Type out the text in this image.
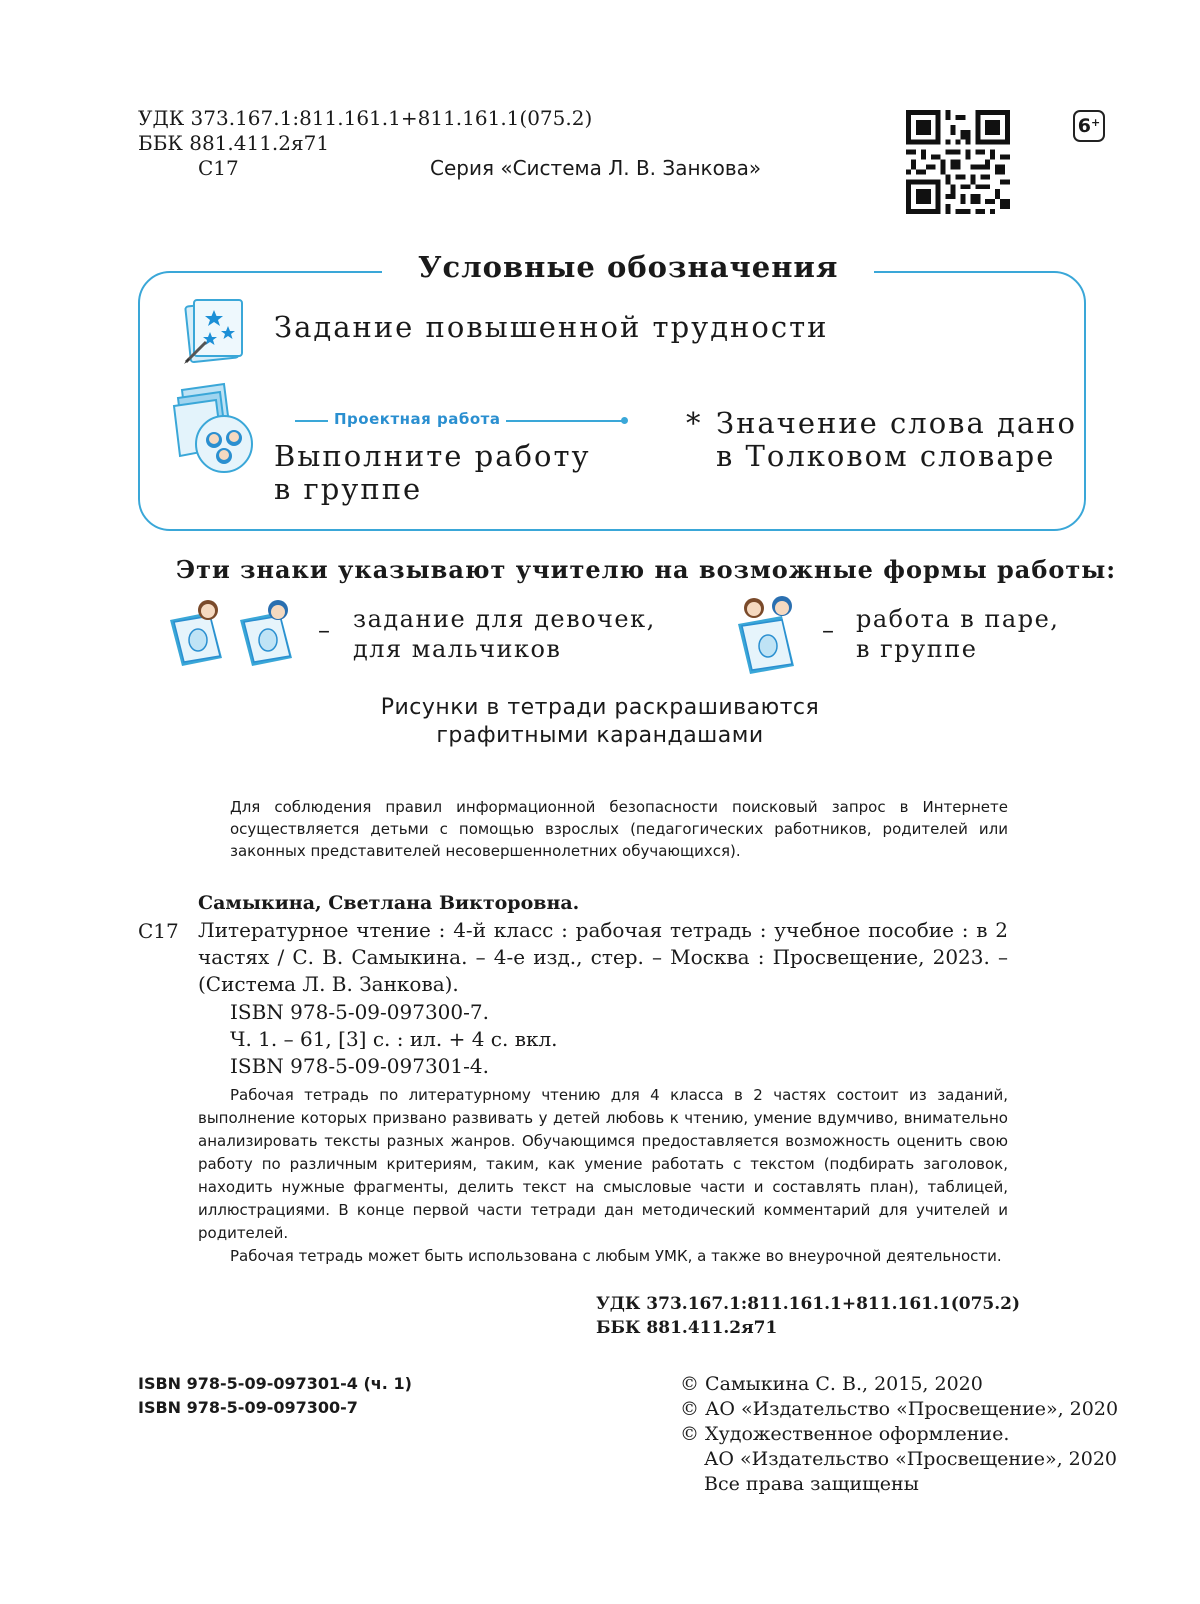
УДК 373.167.1:811.161.1+811.161.1(075.2)
ББК 881.411.2я71
С17	Серия «Система Л. В. Занкова»
6+
Условные обозначения
Задание повышенной трудности
Проектная работа
Выполните работу
в группе
* Значение слова дано
в Толковом словаре
Эти знаки указывают учителю на возможные формы работы:
– задание для девочек,
для мальчиков
– работа в паре,
в группе
Рисунки в тетради раскрашиваются
графитными карандашами
Для соблюдения правил информационной безопасности поисковый запрос в Интернете осуществляется детьми с помощью взрослых (педагогических работников, родителей или законных представителей несовершеннолетних обучающихся).
Самыкина, Светлана Викторовна.
С17 Литературное чтение : 4-й класс : рабочая тетрадь : учебное пособие : в 2 частях / С. В. Самыкина. – 4-е изд., стер. – Москва : Просвещение, 2023. – (Система Л. В. Занкова).
ISBN 978-5-09-097300-7.
Ч. 1. – 61, [3] с. : ил. + 4 с. вкл.
ISBN 978-5-09-097301-4.

Рабочая тетрадь по литературному чтению для 4 класса в 2 частях состоит из заданий, выполнение которых призвано развивать у детей любовь к чтению, умение вдумчиво, внимательно анализировать тексты разных жанров. Обучающимся предоставляется возможность оценить свою работу по различным критериям, таким, как умение работать с текстом (подбирать заголовок, находить нужные фрагменты, делить текст на смысловые части и составлять план), таблицей, иллюстрациями. В конце первой части тетради дан методический комментарий для учителей и родителей.

Рабочая тетрадь может быть использована с любым УМК, а также во внеурочной деятельности.

УДК 373.167.1:811.161.1+811.161.1(075.2)
ББК 881.411.2я71
ISBN 978-5-09-097301-4 (ч. 1)
ISBN 978-5-09-097300-7
© Самыкина С. В., 2015, 2020
© АО «Издательство «Просвещение», 2020
© Художественное оформление.
АО «Издательство «Просвещение», 2020
Все права защищены
